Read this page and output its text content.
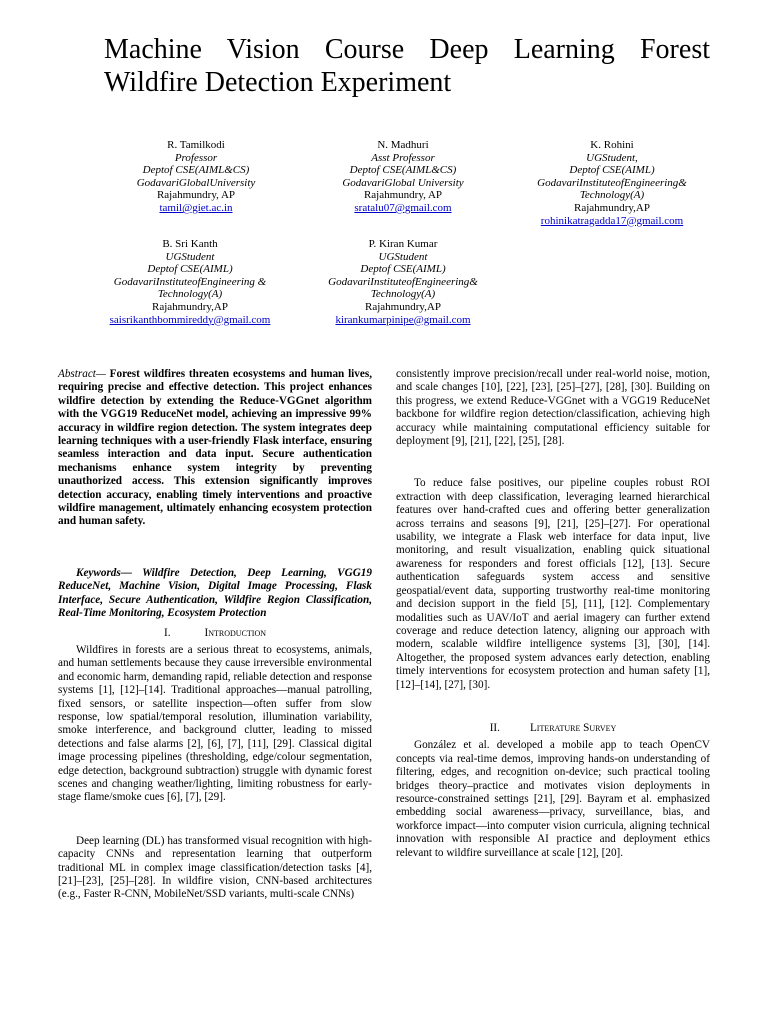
Machine Vision Course Deep Learning Forest Wildfire Detection Experiment
R. Tamilkodi
Professor
Deptof CSE(AIML&CS)
GodavariGlobalUniversity
Rajahmundry, AP
tamil@giet.ac.in
N. Madhuri
Asst Professor
Deptof CSE(AIML&CS)
GodavariGlobal University
Rajahmundry, AP
sratalu07@gmail.com
K. Rohini
UGStudent,
Deptof CSE(AIML)
GodavariInstituteofEngineering& Technology(A)
Rajahmundry,AP
rohinikatragadda17@gmail.com
B. Sri Kanth
UGStudent
Deptof CSE(AIML)
GodavariInstituteofEngineering & Technology(A)
Rajahmundry,AP
saisrikanthbommireddy@gmail.com
P. Kiran Kumar
UGStudent
Deptof CSE(AIML)
GodavariInstituteofEngineering& Technology(A)
Rajahmundry,AP
kirankumarpinipe@gmail.com

Abstract— Forest wildfires threaten ecosystems and human lives, requiring precise and effective detection. This project enhances wildfire detection by extending the Reduce-VGGnet algorithm with the VGG19 ReduceNet model, achieving an impressive 99% accuracy in wildfire region detection. The system integrates deep learning techniques with a user-friendly Flask interface, ensuring seamless interaction and data input. Secure authentication mechanisms enhance system integrity by preventing unauthorized access. This extension significantly improves detection accuracy, enabling timely interventions and proactive wildfire management, ultimately enhancing ecosystem protection and human safety.

Keywords— Wildfire Detection, Deep Learning, VGG19 ReduceNet, Machine Vision, Digital Image Processing, Flask Interface, Secure Authentication, Wildfire Region Classification, Real-Time Monitoring, Ecosystem Protection

I.	Introduction

Wildfires in forests are a serious threat to ecosystems, animals, and human settlements because they cause irreversible environmental and economic harm, demanding rapid, reliable detection and response systems [1], [12]–[14]. Traditional approaches—manual patrolling, fixed sensors, or satellite inspection—often suffer from slow response, low spatial/temporal resolution, illumination variability, smoke interference, and background clutter, leading to missed detections and false alarms [2], [6], [7], [11], [29]. Classical digital image processing pipelines (thresholding, edge/colour segmentation, edge detection, background subtraction) struggle with dynamic forest scenes and changing weather/lighting, limiting robustness for early-stage flame/smoke cues [6], [7], [29].

Deep learning (DL) has transformed visual recognition with high-capacity CNNs and representation learning that outperform traditional ML in complex image classification/detection tasks [4], [21]–[23], [25]–[28]. In wildfire vision, CNN-based architectures (e.g., Faster R-CNN, MobileNet/SSD variants, multi-scale CNNs)

consistently improve precision/recall under real-world noise, motion, and scale changes [10], [22], [23], [25]–[27], [28], [30]. Building on this progress, we extend Reduce-VGGnet with a VGG19 ReduceNet backbone for wildfire region detection/classification, achieving high accuracy while maintaining computational efficiency suitable for deployment [9], [21], [22], [25], [28].

To reduce false positives, our pipeline couples robust ROI extraction with deep classification, leveraging learned hierarchical features over hand-crafted cues and offering better generalization across terrains and seasons [9], [21], [25]–[27]. For operational usability, we integrate a Flask web interface for data input, live monitoring, and result visualization, enabling quick situational awareness for responders and forest officials [12], [13]. Secure authentication safeguards system access and sensitive geospatial/event data, supporting trustworthy real-time monitoring and decision support in the field [5], [11], [12]. Complementary modalities such as UAV/IoT and aerial imagery can further extend coverage and reduce detection latency, aligning our approach with modern, scalable wildfire intelligence systems [3], [30], [14]. Altogether, the proposed system advances early detection, enabling timely interventions for ecosystem protection and human safety [1], [12]–[14], [27], [30].

II.	Literature Survey

González et al. developed a mobile app to teach OpenCV concepts via real-time demos, improving hands-on understanding of filtering, edges, and recognition on-device; such practical tooling bridges theory–practice and motivates vision deployments in resource-constrained settings [21], [29]. Bayram et al. emphasized embedding social awareness—privacy, surveillance, bias, and workforce impact—into computer vision curricula, aligning technical innovation with responsible AI practice and deployment ethics relevant to wildfire surveillance at scale [12], [20].
